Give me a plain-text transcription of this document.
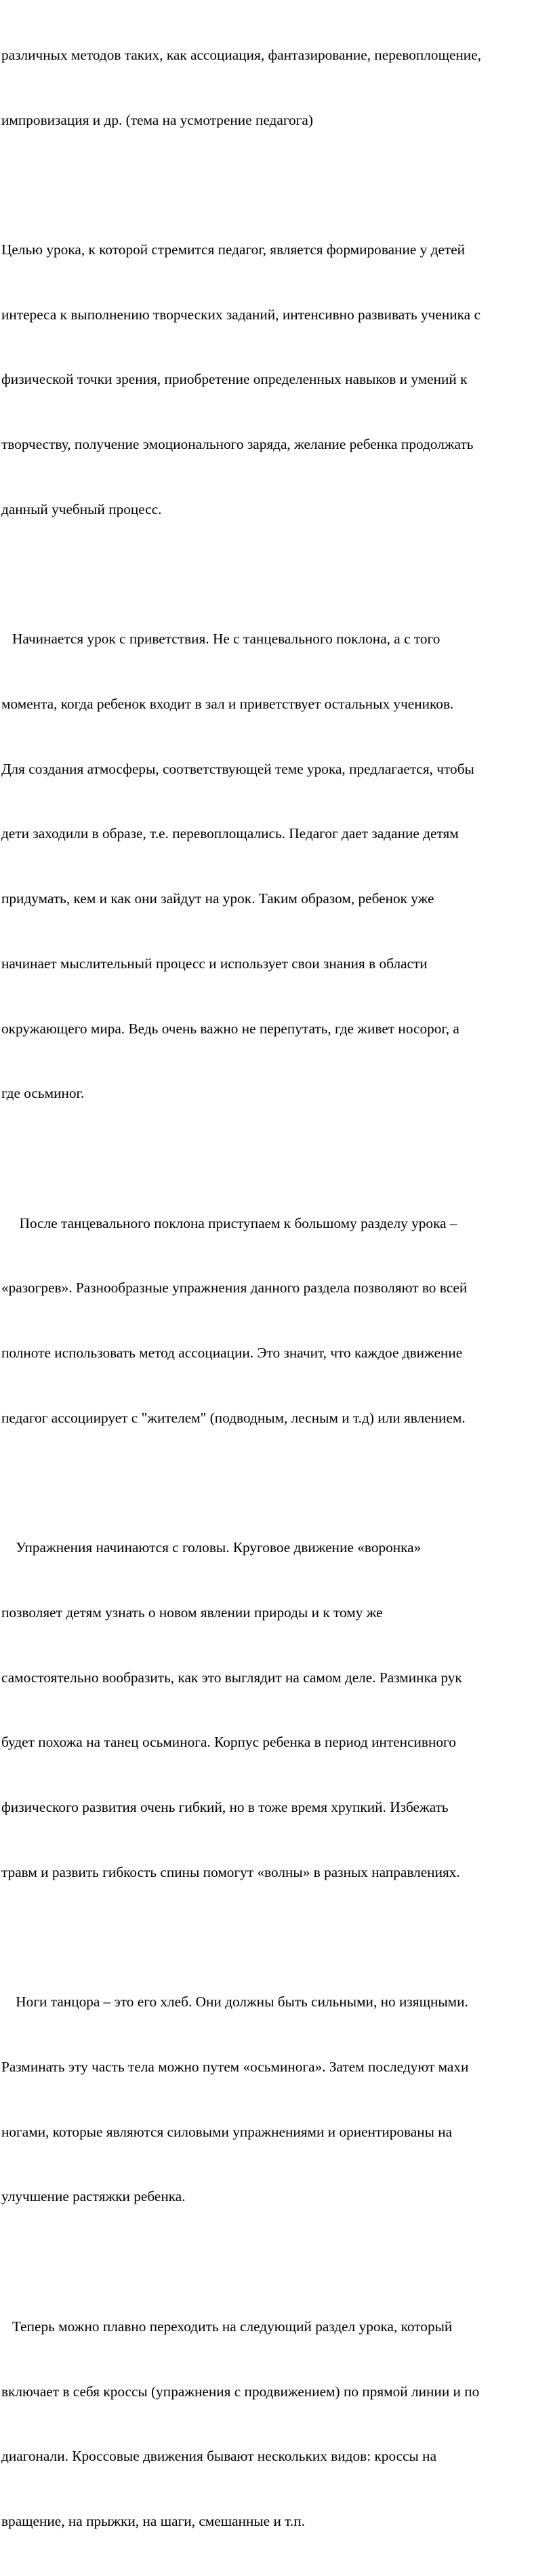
различных методов таких, как ассоциация, фантазирование, перевоплощение,

импровизация и др. (тема на усмотрение педагога)

Целью урока, к которой стремится педагог, является формирование у детей

интереса к выполнению творческих заданий, интенсивно развивать ученика с

физической точки зрения, приобретение определенных навыков и умений к

творчеству, получение эмоционального заряда, желание ребенка продолжать

данный учебный процесс.

Начинается урок с приветствия. Не с танцевального поклона, а с того

момента, когда ребенок входит в зал и приветствует остальных учеников.

Для создания атмосферы, соответствующей теме урока, предлагается, чтобы

дети заходили в образе, т.е. перевоплощались. Педагог дает задание детям

придумать, кем и как они зайдут на урок. Таким образом, ребенок уже

начинает мыслительный процесс и использует свои знания в области

окружающего мира. Ведь очень важно не перепутать, где живет носорог, а

где осьминог.

После танцевального поклона приступаем к большому разделу урока –

«разогрев». Разнообразные упражнения данного раздела позволяют во всей

полноте использовать метод ассоциации. Это значит, что каждое движение

педагог ассоциирует с "жителем" (подводным, лесным и т.д) или явлением.

Упражнения начинаются с головы. Круговое движение «воронка»

позволяет детям узнать о новом явлении природы и к тому же

самостоятельно вообразить, как это выглядит на самом деле. Разминка рук

будет похожа на танец осьминога. Корпус ребенка в период интенсивного

физического развития очень гибкий, но в тоже время хрупкий. Избежать

травм и развить гибкость спины помогут «волны» в разных направлениях.

Ноги танцора – это его хлеб. Они должны быть сильными, но изящными.

Разминать эту часть тела можно путем «осьминога». Затем последуют махи

ногами, которые являются силовыми упражнениями и ориентированы на

улучшение растяжки ребенка.

Теперь можно плавно переходить на следующий раздел урока, который

включает в себя кроссы (упражнения с продвижением) по прямой линии и по

диагонали. Кроссовые движения бывают нескольких видов: кроссы на

вращение, на прыжки, на шаги, смешанные и т.п.
